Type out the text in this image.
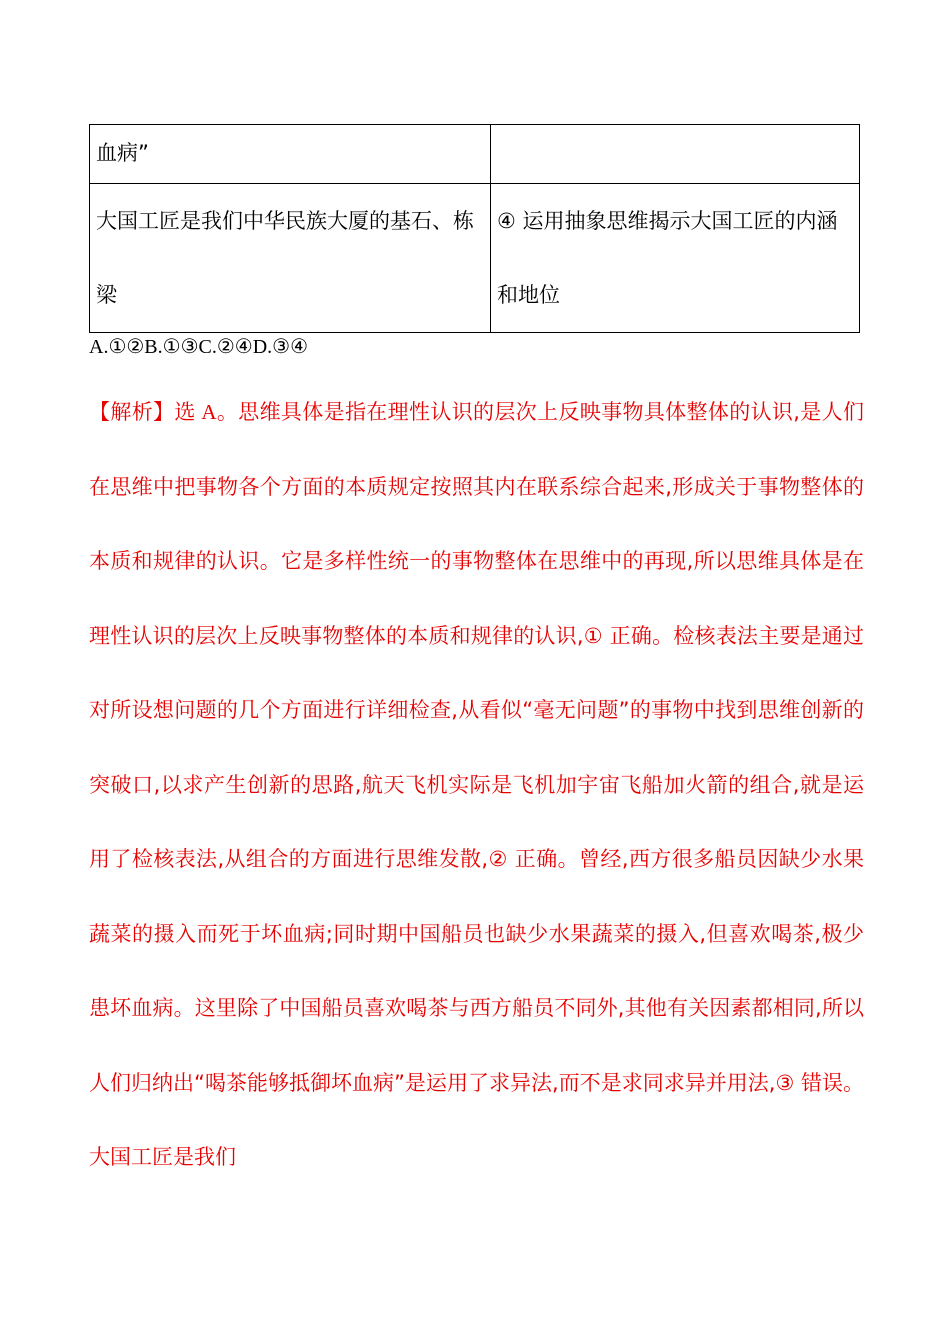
血病”	
大国工匠是我们中华民族大厦的基石、栋梁	④ 运用抽象思维揭示大国工匠的内涵和地位
A.①②B.①③C.②④D.③④
【解析】选 A。思维具体是指在理性认识的层次上反映事物具体整体的认识,是人们在思维中把事物各个方面的本质规定按照其内在联系综合起来,形成关于事物整体的本质和规律的认识。它是多样性统一的事物整体在思维中的再现,所以思维具体是在理性认识的层次上反映事物整体的本质和规律的认识,① 正确。检核表法主要是通过对所设想问题的几个方面进行详细检查,从看似“毫无问题”的事物中找到思维创新的突破口,以求产生创新的思路,航天飞机实际是飞机加宇宙飞船加火箭的组合,就是运用了检核表法,从组合的方面进行思维发散,② 正确。曾经,西方很多船员因缺少水果蔬菜的摄入而死于坏血病;同时期中国船员也缺少水果蔬菜的摄入,但喜欢喝茶,极少患坏血病。这里除了中国船员喜欢喝茶与西方船员不同外,其他有关因素都相同,所以人们归纳出“喝茶能够抵御坏血病”是运用了求异法,而不是求同求异并用法,③ 错误。大国工匠是我们
